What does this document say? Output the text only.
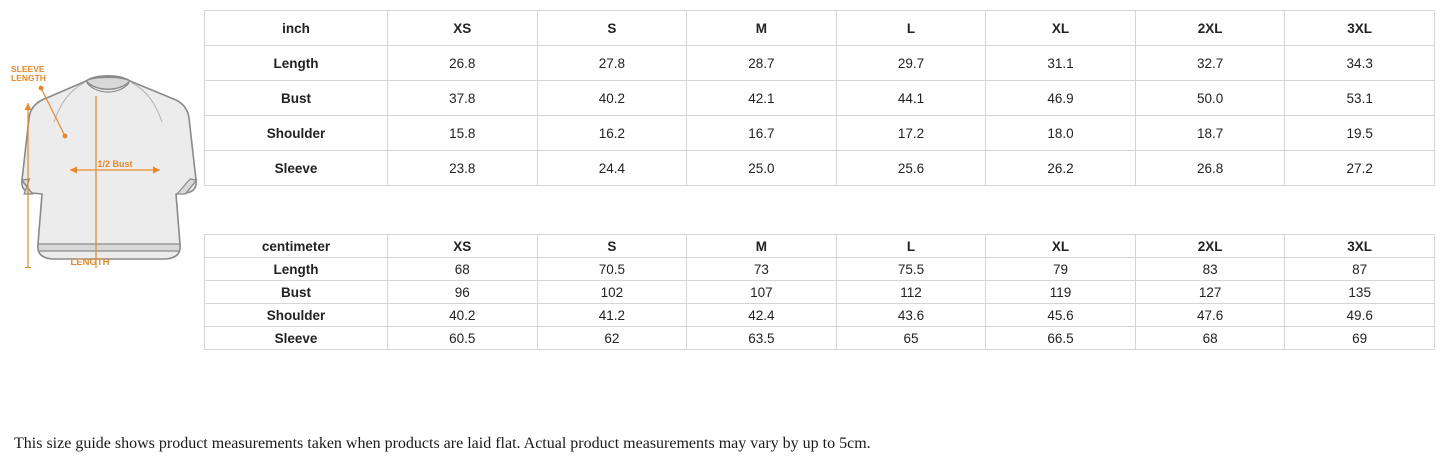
SLEEVE
LENGTH
1/2 Bust
LENGTH
inch	XS	S	M	L	XL	2XL	3XL
Length	26.8	27.8	28.7	29.7	31.1	32.7	34.3
Bust	37.8	40.2	42.1	44.1	46.9	50.0	53.1
Shoulder	15.8	16.2	16.7	17.2	18.0	18.7	19.5
Sleeve	23.8	24.4	25.0	25.6	26.2	26.8	27.2
centimeter	XS	S	M	L	XL	2XL	3XL
Length	68	70.5	73	75.5	79	83	87
Bust	96	102	107	112	119	127	135
Shoulder	40.2	41.2	42.4	43.6	45.6	47.6	49.6
Sleeve	60.5	62	63.5	65	66.5	68	69
This size guide shows product measurements taken when products are laid flat. Actual product measurements may vary by up to 5cm.
